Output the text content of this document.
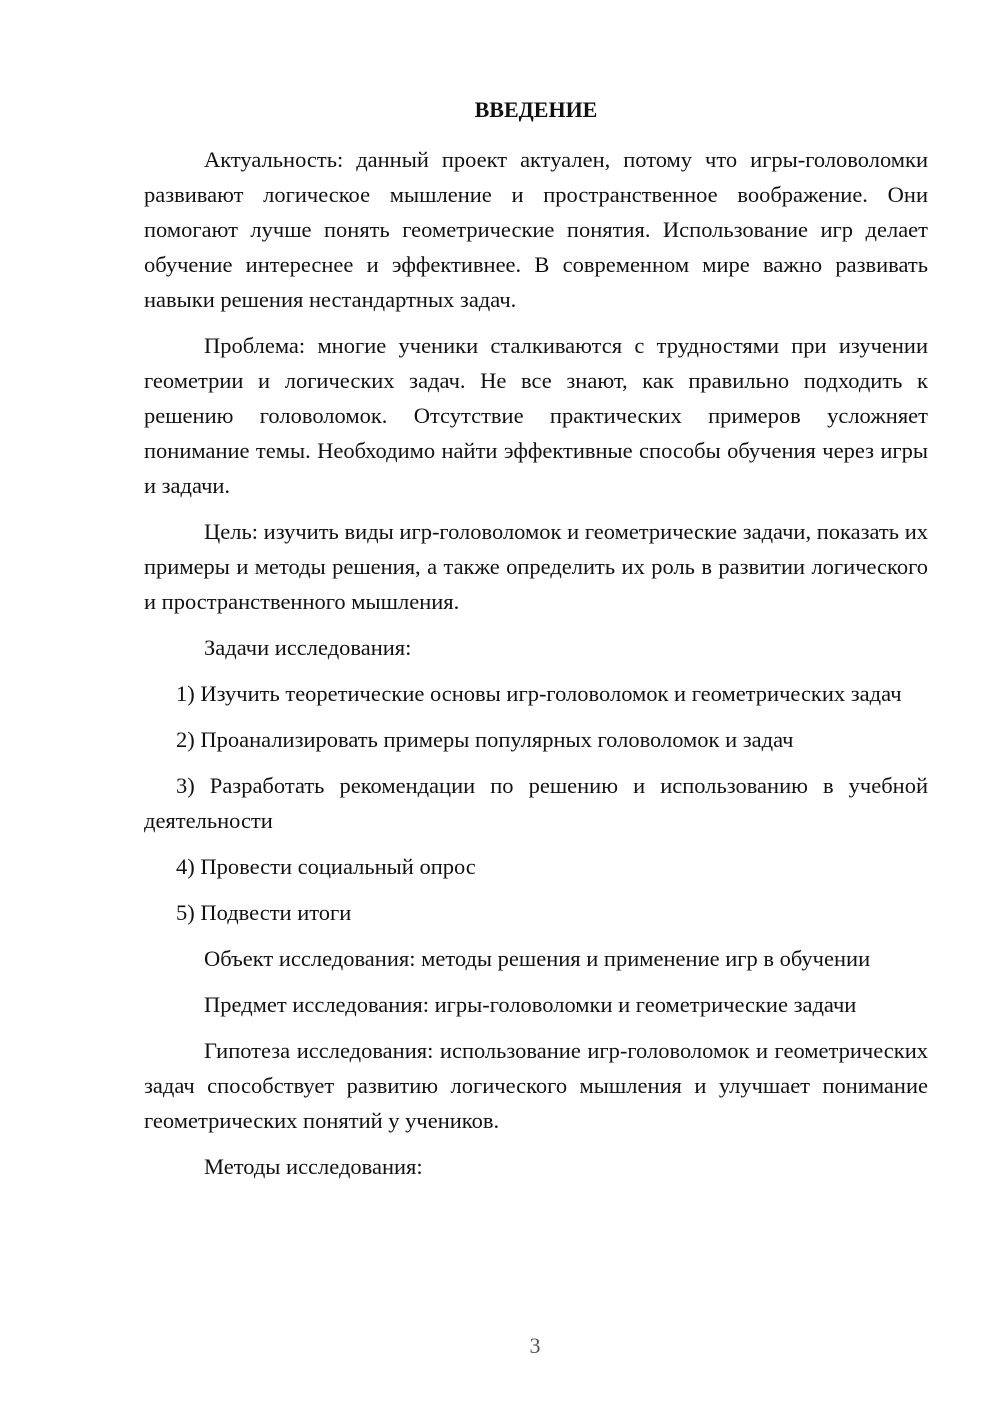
ВВЕДЕНИЕ

Актуальность: данный проект актуален, потому что игры-головоломки развивают логическое мышление и пространственное воображение. Они помогают лучше понять геометрические понятия. Использование игр делает обучение интереснее и эффективнее. В современном мире важно развивать навыки решения нестандартных задач.

Проблема: многие ученики сталкиваются с трудностями при изучении геометрии и логических задач. Не все знают, как правильно подходить к решению головоломок. Отсутствие практических примеров усложняет понимание темы. Необходимо найти эффективные способы обучения через игры и задачи.

Цель: изучить виды игр-головоломок и геометрические задачи, показать их примеры и методы решения, а также определить их роль в развитии логического и пространственного мышления.

Задачи исследования:

1) Изучить теоретические основы игр-головоломок и геометрических задач

2) Проанализировать примеры популярных головоломок и задач

3) Разработать рекомендации по решению и использованию в учебной деятельности

4) Провести социальный опрос

5) Подвести итоги

Объект исследования: методы решения и применение игр в обучении

Предмет исследования: игры-головоломки и геометрические задачи

Гипотеза исследования: использование игр-головоломок и геометрических задач способствует развитию логического мышления и улучшает понимание геометрических понятий у учеников.

Методы исследования:

3
